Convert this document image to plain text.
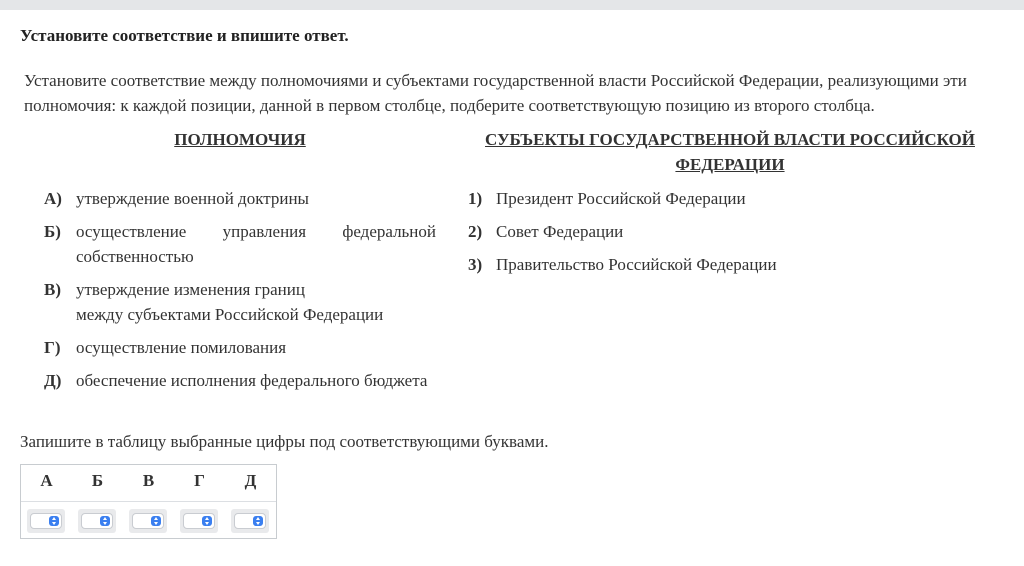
Установите соответствие и впишите ответ.
Установите соответствие между полномочиями и субъектами государственной власти Российской Федерации, реализующими эти полномочия: к каждой позиции, данной в первом столбце, подберите соответствующую позицию из второго столбца.
ПОЛНОМОЧИЯ	СУБЪЕКТЫ ГОСУДАРСТВЕННОЙ ВЛАСТИ РОССИЙСКОЙ ФЕДЕРАЦИИ
А) утверждение военной доктрины
Б) осуществление управления федеральной собственностью
В) утверждение изменения границ
между субъектами Российской Федерации
Г) осуществление помилования
Д) обеспечение исполнения федерального бюджета
1) Президент Российской Федерации
2) Совет Федерации
3) Правительство Российской Федерации
Запишите в таблицу выбранные цифры под соответствующими буквами.
А	Б	В	Г	Д
